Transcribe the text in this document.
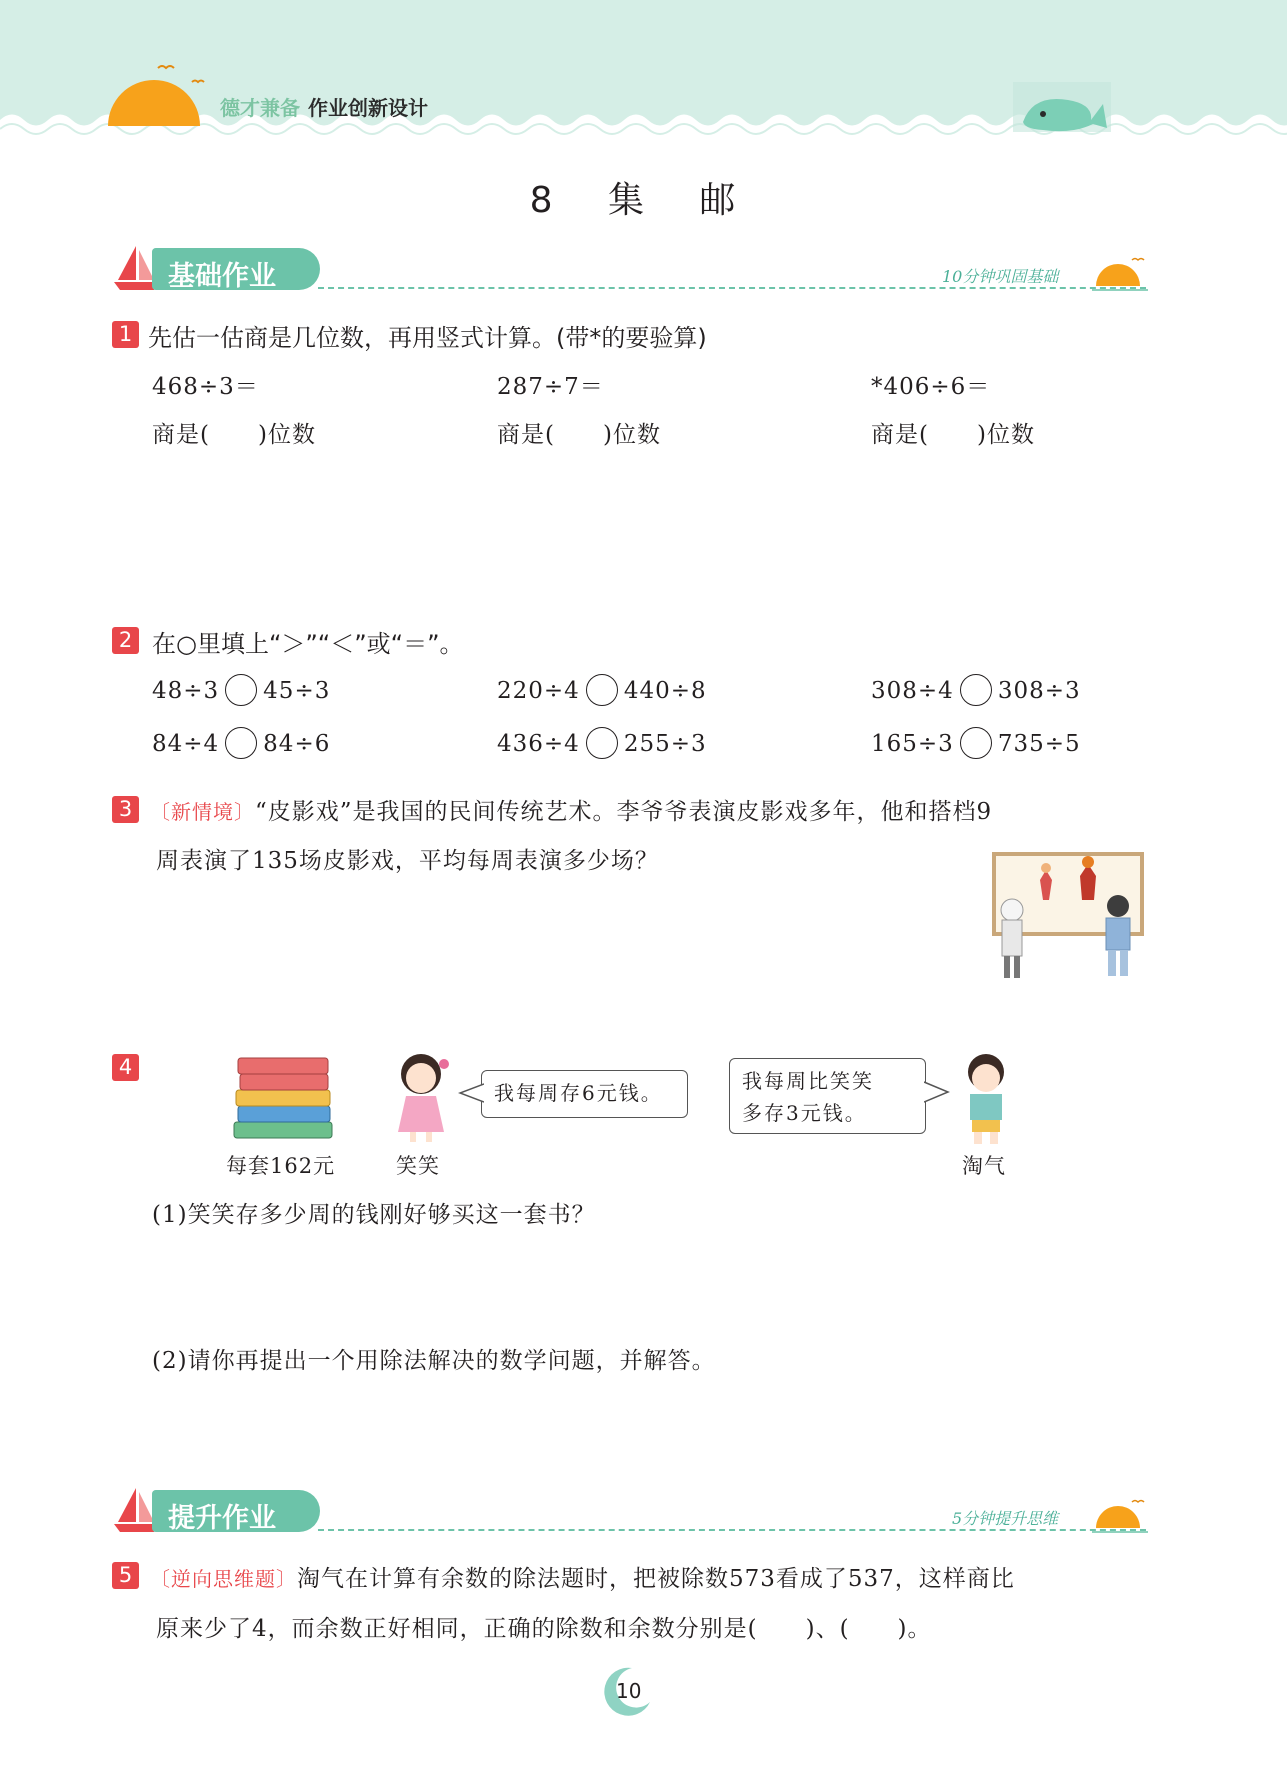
德才兼备 作业创新设计
8 集 邮
基础作业	10分钟巩固基础
1 先估一估商是几位数，再用竖式计算。(带*的要验算)
468÷3＝	287÷7＝	*406÷6＝
商是(　　)位数	商是(　　)位数	商是(　　)位数
2 在○里填上“＞”“＜”或“＝”。
48÷3 45÷3	220÷4 440÷8	308÷4 308÷3
84÷4 84÷6	436÷4 255÷3	165÷3 735÷5
3 〔新情境〕“皮影戏”是我国的民间传统艺术。李爷爷表演皮影戏多年，他和搭档9
周表演了135场皮影戏，平均每周表演多少场？
4
每套162元	笑笑
我每周存6元钱。	我每周比笑笑
多存3元钱。
淘气
(1)笑笑存多少周的钱刚好够买这一套书？
(2)请你再提出一个用除法解决的数学问题，并解答。
提升作业	5分钟提升思维
5 〔逆向思维题〕淘气在计算有余数的除法题时，把被除数573看成了537，这样商比
原来少了4，而余数正好相同，正确的除数和余数分别是(　　)、(　　)。
10
